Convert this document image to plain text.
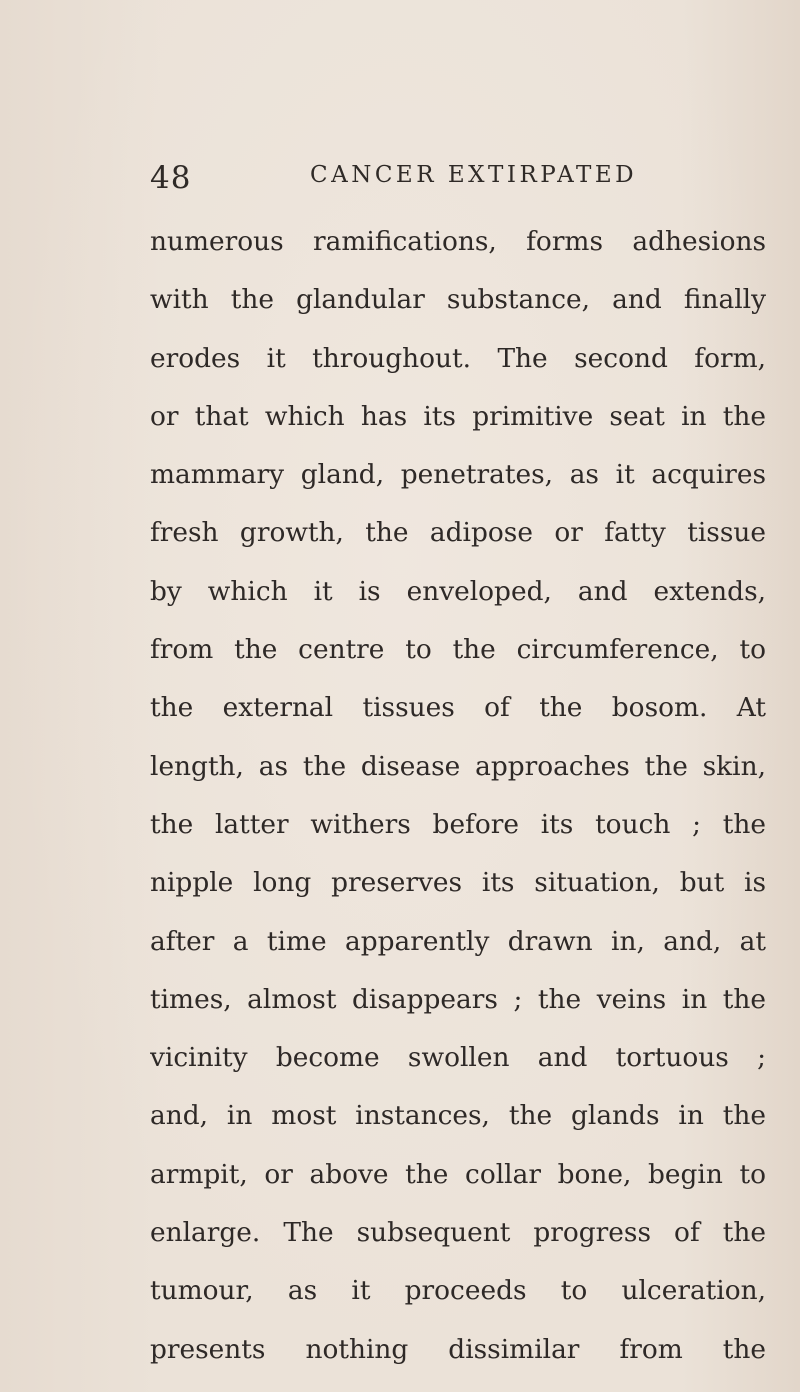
48	CANCER EXTIRPATED
numerous ramifications, forms adhesions
with the glandular substance, and finally
erodes it throughout. The second form,
or that which has its primitive seat in the
mammary gland, penetrates, as it acquires
fresh growth, the adipose or fatty tissue
by which it is enveloped, and extends,
from the centre to the circumference, to
the external tissues of the bosom. At
length, as the disease approaches the skin,
the latter withers before its touch ; the
nipple long preserves its situation, but is
after a time apparently drawn in, and, at
times, almost disappears ; the veins in the
vicinity become swollen and tortuous ;
and, in most instances, the glands in the
armpit, or above the collar bone, begin to
enlarge. The subsequent progress of the
tumour, as it proceeds to ulceration,
presents nothing dissimilar from the
